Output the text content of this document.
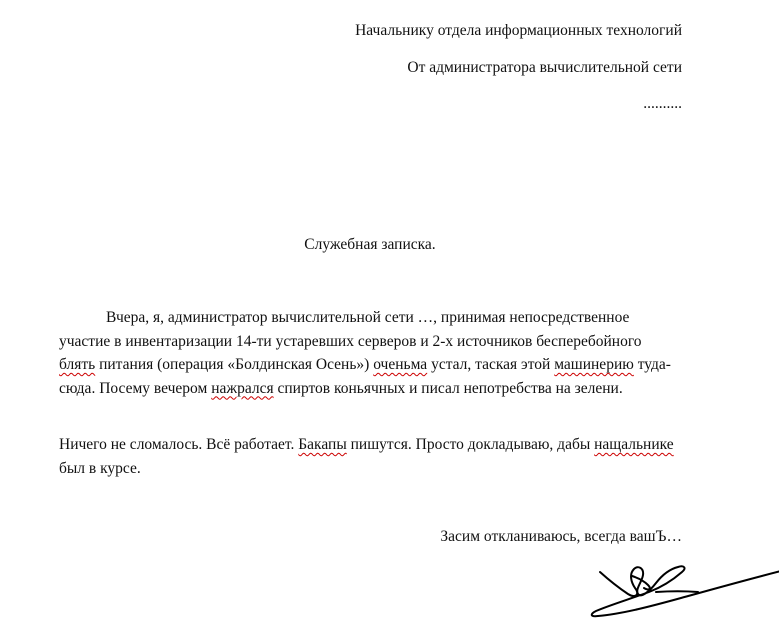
Начальнику отдела информационных технологий
От администратора вычислительной сети
..........
Служебная записка.
Вчера, я, администратор вычислительной сети …, принимая непосредственное участие в инвентаризации 14-ти устаревших серверов и 2-х источников бесперебойного блять питания (операция «Болдинская Осень») оченьма устал, таская этой машинерию туда-сюда. Посему вечером нажрался спиртов коньячных и писал непотребства на зелени.
Ничего не сломалось. Всё работает. Бакапы пишутся. Просто докладываю, дабы нащальнике был в курсе.
Засим откланиваюсь, всегда вашЪ…
